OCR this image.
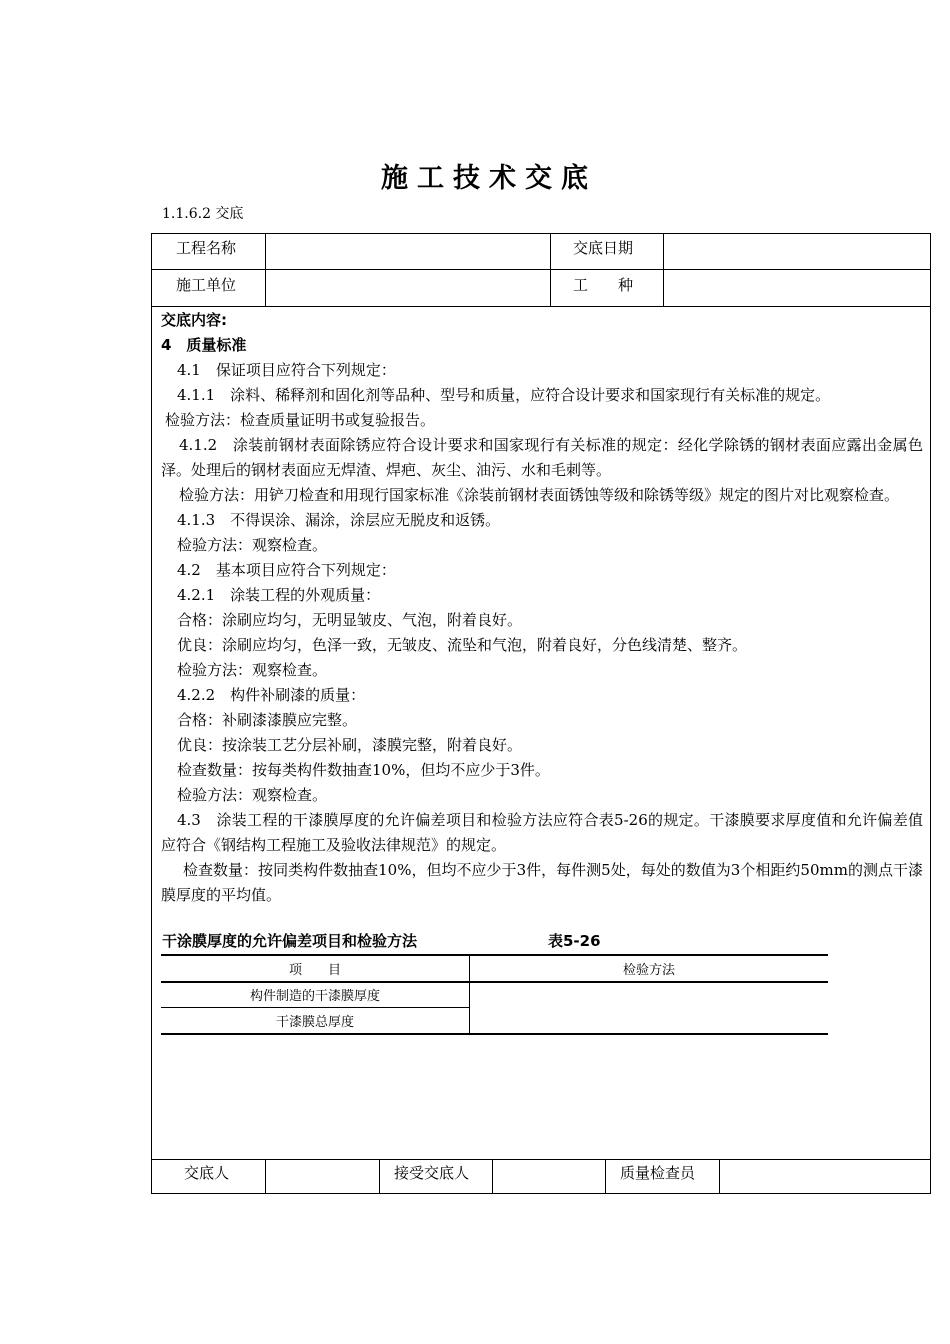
施工技术交底
1.1.6.2 交底
工程名称	交底日期
施工单位	工　　种

交底内容:

4　质量标准

4.1　保证项目应符合下列规定：

4.1.1　涂料、稀释剂和固化剂等品种、型号和质量，应符合设计要求和国家现行有关标准的规定。

检验方法：检查质量证明书或复验报告。

4.1.2　涂装前钢材表面除锈应符合设计要求和国家现行有关标准的规定：经化学除锈的钢材表面应露出金属色泽。处理后的钢材表面应无焊渣、焊疤、灰尘、油污、水和毛刺等。

检验方法：用铲刀检查和用现行国家标准《涂装前钢材表面锈蚀等级和除锈等级》规定的图片对比观察检查。

4.1.3　不得误涂、漏涂，涂层应无脱皮和返锈。

检验方法：观察检查。

4.2　基本项目应符合下列规定：

4.2.1　涂装工程的外观质量：

合格：涂刷应均匀，无明显皱皮、气泡，附着良好。

优良：涂刷应均匀，色泽一致，无皱皮、流坠和气泡，附着良好，分色线清楚、整齐。

检验方法：观察检查。

4.2.2　构件补刷漆的质量：

合格：补刷漆漆膜应完整。

优良：按涂装工艺分层补刷，漆膜完整，附着良好。

检查数量：按每类构件数抽查10%，但均不应少于3件。

检验方法：观察检查。

4.3　涂装工程的干漆膜厚度的允许偏差项目和检验方法应符合表5-26的规定。干漆膜要求厚度值和允许偏差值应符合《钢结构工程施工及验收法律规范》的规定。

检查数量：按同类构件数抽查10%，但均不应少于3件，每件测5处，每处的数值为3个相距约50mm的测点干漆膜厚度的平均值。

干涂膜厚度的允许偏差项目和检验方法	表5-26
项　　目	检验方法
构件制造的干漆膜厚度
干漆膜总厚度
交底人	接受交底人	质量检查员
